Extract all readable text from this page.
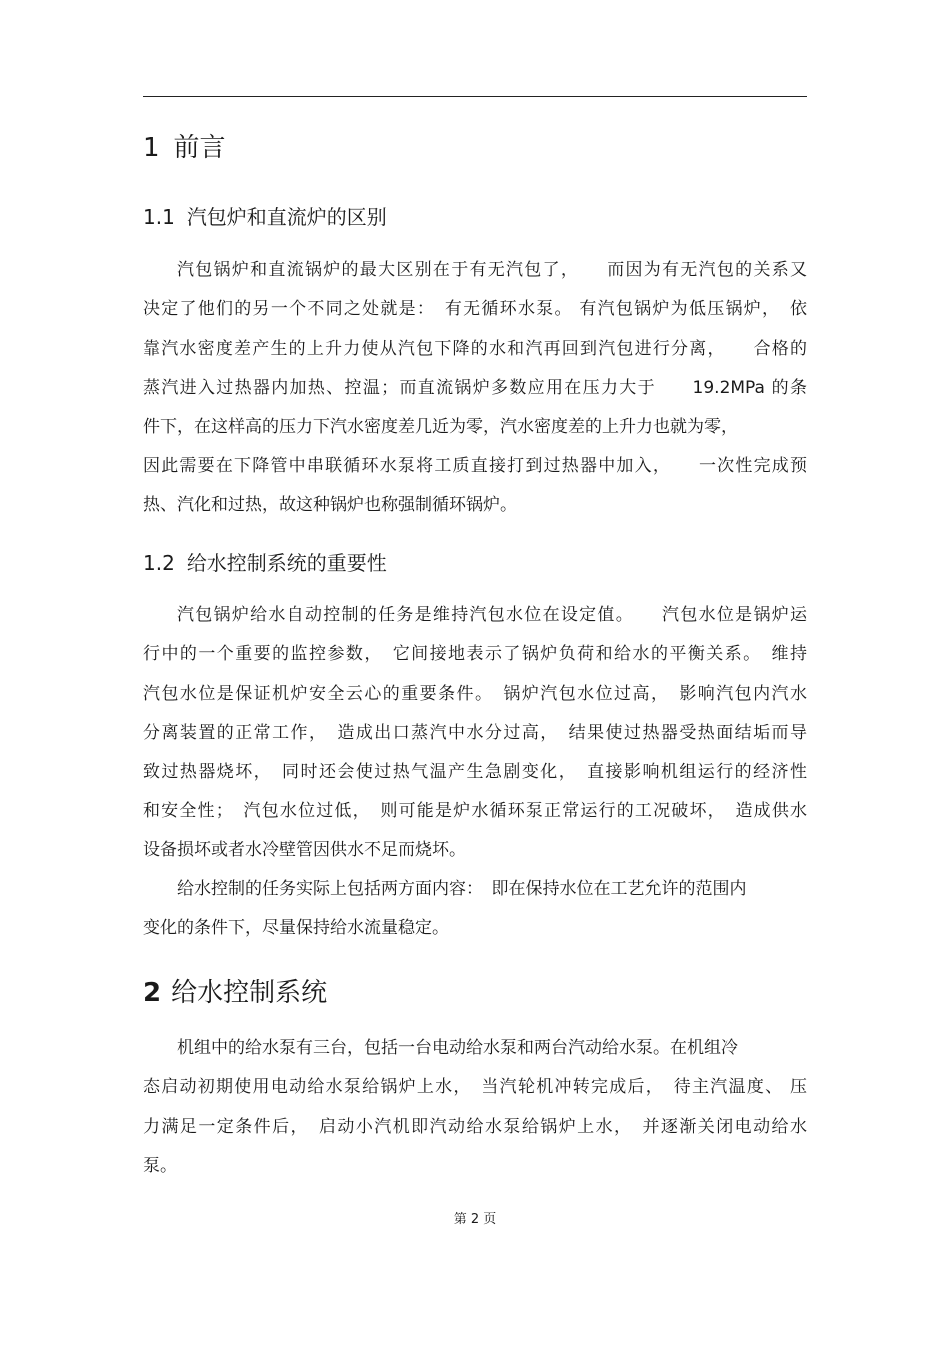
1 前言
1.1 汽包炉和直流炉的区别
汽包锅炉和直流锅炉的最大区别在于有无汽包了，　　而因为有无汽包的关系又
决定了他们的另一个不同之处就是：　有无循环水泵。 有汽包锅炉为低压锅炉，　依
靠汽水密度差产生的上升力使从汽包下降的水和汽再回到汽包进行分离，　　合格的
蒸汽进入过热器内加热、控温；而直流锅炉多数应用在压力大于　　19.2MPa 的条
件下，在这样高的压力下汽水密度差几近为零，汽水密度差的上升力也就为零，
因此需要在下降管中串联循环水泵将工质直接打到过热器中加入，　　一次性完成预
热、汽化和过热，故这种锅炉也称强制循环锅炉。
1.2 给水控制系统的重要性
汽包锅炉给水自动控制的任务是维持汽包水位在设定值。　　汽包水位是锅炉运
行中的一个重要的监控参数，　它间接地表示了锅炉负荷和给水的平衡关系。　维持
汽包水位是保证机炉安全云心的重要条件。　锅炉汽包水位过高，　影响汽包内汽水
分离装置的正常工作，　造成出口蒸汽中水分过高，　结果使过热器受热面结垢而导
致过热器烧坏，　同时还会使过热气温产生急剧变化，　直接影响机组运行的经济性
和安全性；　汽包水位过低，　则可能是炉水循环泵正常运行的工况破坏，　造成供水
设备损坏或者水冷壁管因供水不足而烧坏。
给水控制的任务实际上包括两方面内容：　即在保持水位在工艺允许的范围内
变化的条件下，尽量保持给水流量稳定。
2 给水控制系统
机组中的给水泵有三台，包括一台电动给水泵和两台汽动给水泵。在机组冷
态启动初期使用电动给水泵给锅炉上水，　当汽轮机冲转完成后，　待主汽温度、 压
力满足一定条件后，　启动小汽机即汽动给水泵给锅炉上水，　并逐渐关闭电动给水
泵。
第 2 页
